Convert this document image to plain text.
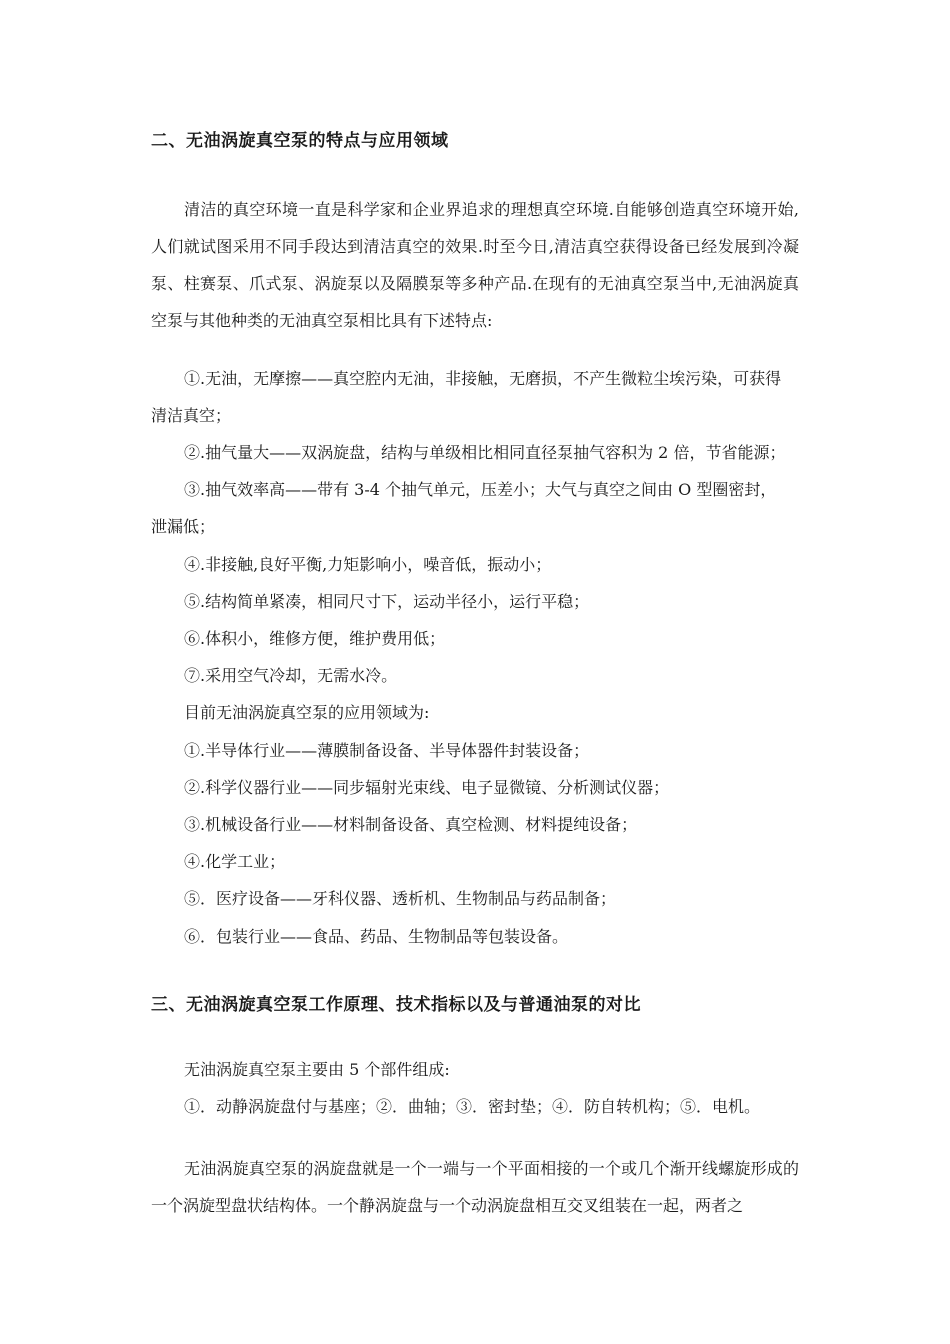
二、无油涡旋真空泵的特点与应用领域

清洁的真空环境一直是科学家和企业界追求的理想真空环境.自能够创造真空环境开始,人们就试图采用不同手段达到清洁真空的效果.时至今日,清洁真空获得设备已经发展到冷凝泵、柱赛泵、爪式泵、涡旋泵以及隔膜泵等多种产品.在现有的无油真空泵当中,无油涡旋真空泵与其他种类的无油真空泵相比具有下述特点:

①.无油，无摩擦——真空腔内无油，非接触，无磨损，不产生微粒尘埃污染，可获得
清洁真空；
②.抽气量大——双涡旋盘，结构与单级相比相同直径泵抽气容积为 2 倍，节省能源；
③.抽气效率高——带有 3-4 个抽气单元，压差小；大气与真空之间由 O 型圈密封，
泄漏低；
④.非接触,良好平衡,力矩影响小，噪音低，振动小；
⑤.结构简单紧凑，相同尺寸下，运动半径小，运行平稳；
⑥.体积小，维修方便，维护费用低；
⑦.采用空气冷却，无需水冷。
目前无油涡旋真空泵的应用领域为:
①.半导体行业——薄膜制备设备、半导体器件封装设备；
②.科学仪器行业——同步辐射光束线、电子显微镜、分析测试仪器；
③.机械设备行业——材料制备设备、真空检测、材料提纯设备；
④.化学工业；
⑤．医疗设备——牙科仪器、透析机、生物制品与药品制备；
⑥．包装行业——食品、药品、生物制品等包装设备。
三、无油涡旋真空泵工作原理、技术指标以及与普通油泵的对比
无油涡旋真空泵主要由 5 个部件组成:
①．动静涡旋盘付与基座；②．曲轴；③．密封垫；④．防自转机构；⑤．电机。

无油涡旋真空泵的涡旋盘就是一个一端与一个平面相接的一个或几个渐开线螺旋形成的一个涡旋型盘状结构体。一个静涡旋盘与一个动涡旋盘相互交叉组装在一起，两者之
